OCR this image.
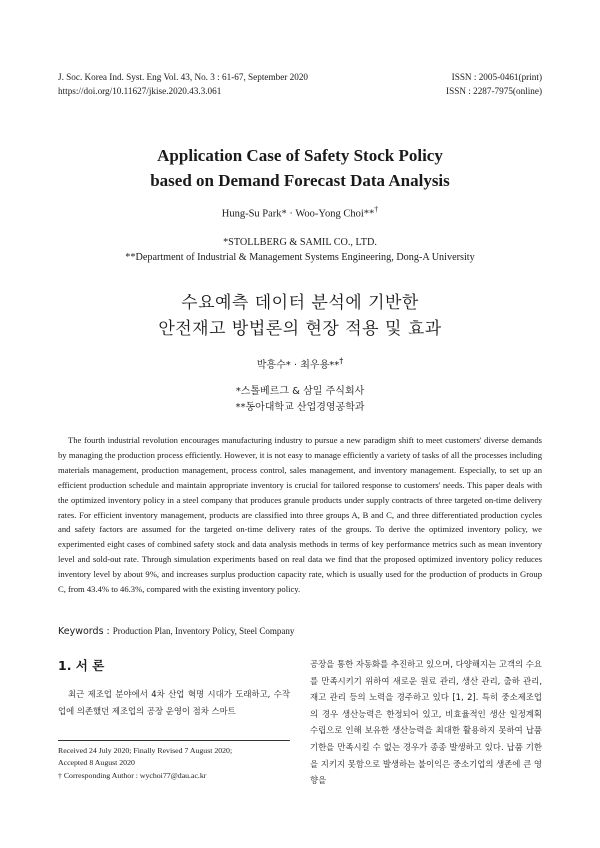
J. Soc. Korea Ind. Syst. Eng Vol. 43, No. 3 : 61-67, September 2020	ISSN : 2005-0461(print)
https://doi.org/10.11627/jkise.2020.43.3.061	ISSN : 2287-7975(online)
Application Case of Safety Stock Policy
based on Demand Forecast Data Analysis
Hung-Su Park* · Woo-Yong Choi**†
*STOLLBERG & SAMIL CO., LTD.
**Department of Industrial & Management Systems Engineering, Dong-A University
수요예측 데이터 분석에 기반한
안전재고 방법론의 현장 적용 및 효과
박흥수* · 최우용**†
*스톨베르그 & 삼일 주식회사
**동아대학교 산업경영공학과

The fourth industrial revolution encourages manufacturing industry to pursue a new paradigm shift to meet customers' diverse demands by managing the production process efficiently. However, it is not easy to manage efficiently a variety of tasks of all the processes including materials management, production management, process control, sales management, and inventory management. Especially, to set up an efficient production schedule and maintain appropriate inventory is crucial for tailored response to customers' needs. This paper deals with the optimized inventory policy in a steel company that produces granule products under supply contracts of three targeted on-time delivery rates. For efficient inventory management, products are classified into three groups A, B and C, and three differentiated production cycles and safety factors are assumed for the targeted on-time delivery rates of the groups. To derive the optimized inventory policy, we experimented eight cases of combined safety stock and data analysis methods in terms of key performance metrics such as mean inventory level and sold-out rate. Through simulation experiments based on real data we find that the proposed optimized inventory policy reduces inventory level by about 9%, and increases surplus production capacity rate, which is usually used for the production of products in Group C, from 43.4% to 46.3%, compared with the existing inventory policy.

Keywords : Production Plan, Inventory Policy, Steel Company
1. 서 론

최근 제조업 분야에서 4차 산업 혁명 시대가 도래하고, 수작업에 의존했던 제조업의 공장 운영이 점차 스마트

Received 24 July 2020; Finally Revised 7 August 2020;
Accepted 8 August 2020
† Corresponding Author : wychoi77@dau.ac.kr

공장을 통한 자동화를 추진하고 있으며, 다양해지는 고객의 수요를 만족시키기 위하여 새로운 원료 관리, 생산 관리, 출하 관리, 재고 관리 등의 노력을 경주하고 있다 [1, 2]. 특히 중소제조업의 경우 생산능력은 한정되어 있고, 비효율적인 생산 일정계획 수립으로 인해 보유한 생산능력을 최대한 활용하지 못하여 납품 기한을 만족시킬 수 없는 경우가 종종 발생하고 있다. 납품 기한을 지키지 못함으로 발생하는 불이익은 중소기업의 생존에 큰 영향을
